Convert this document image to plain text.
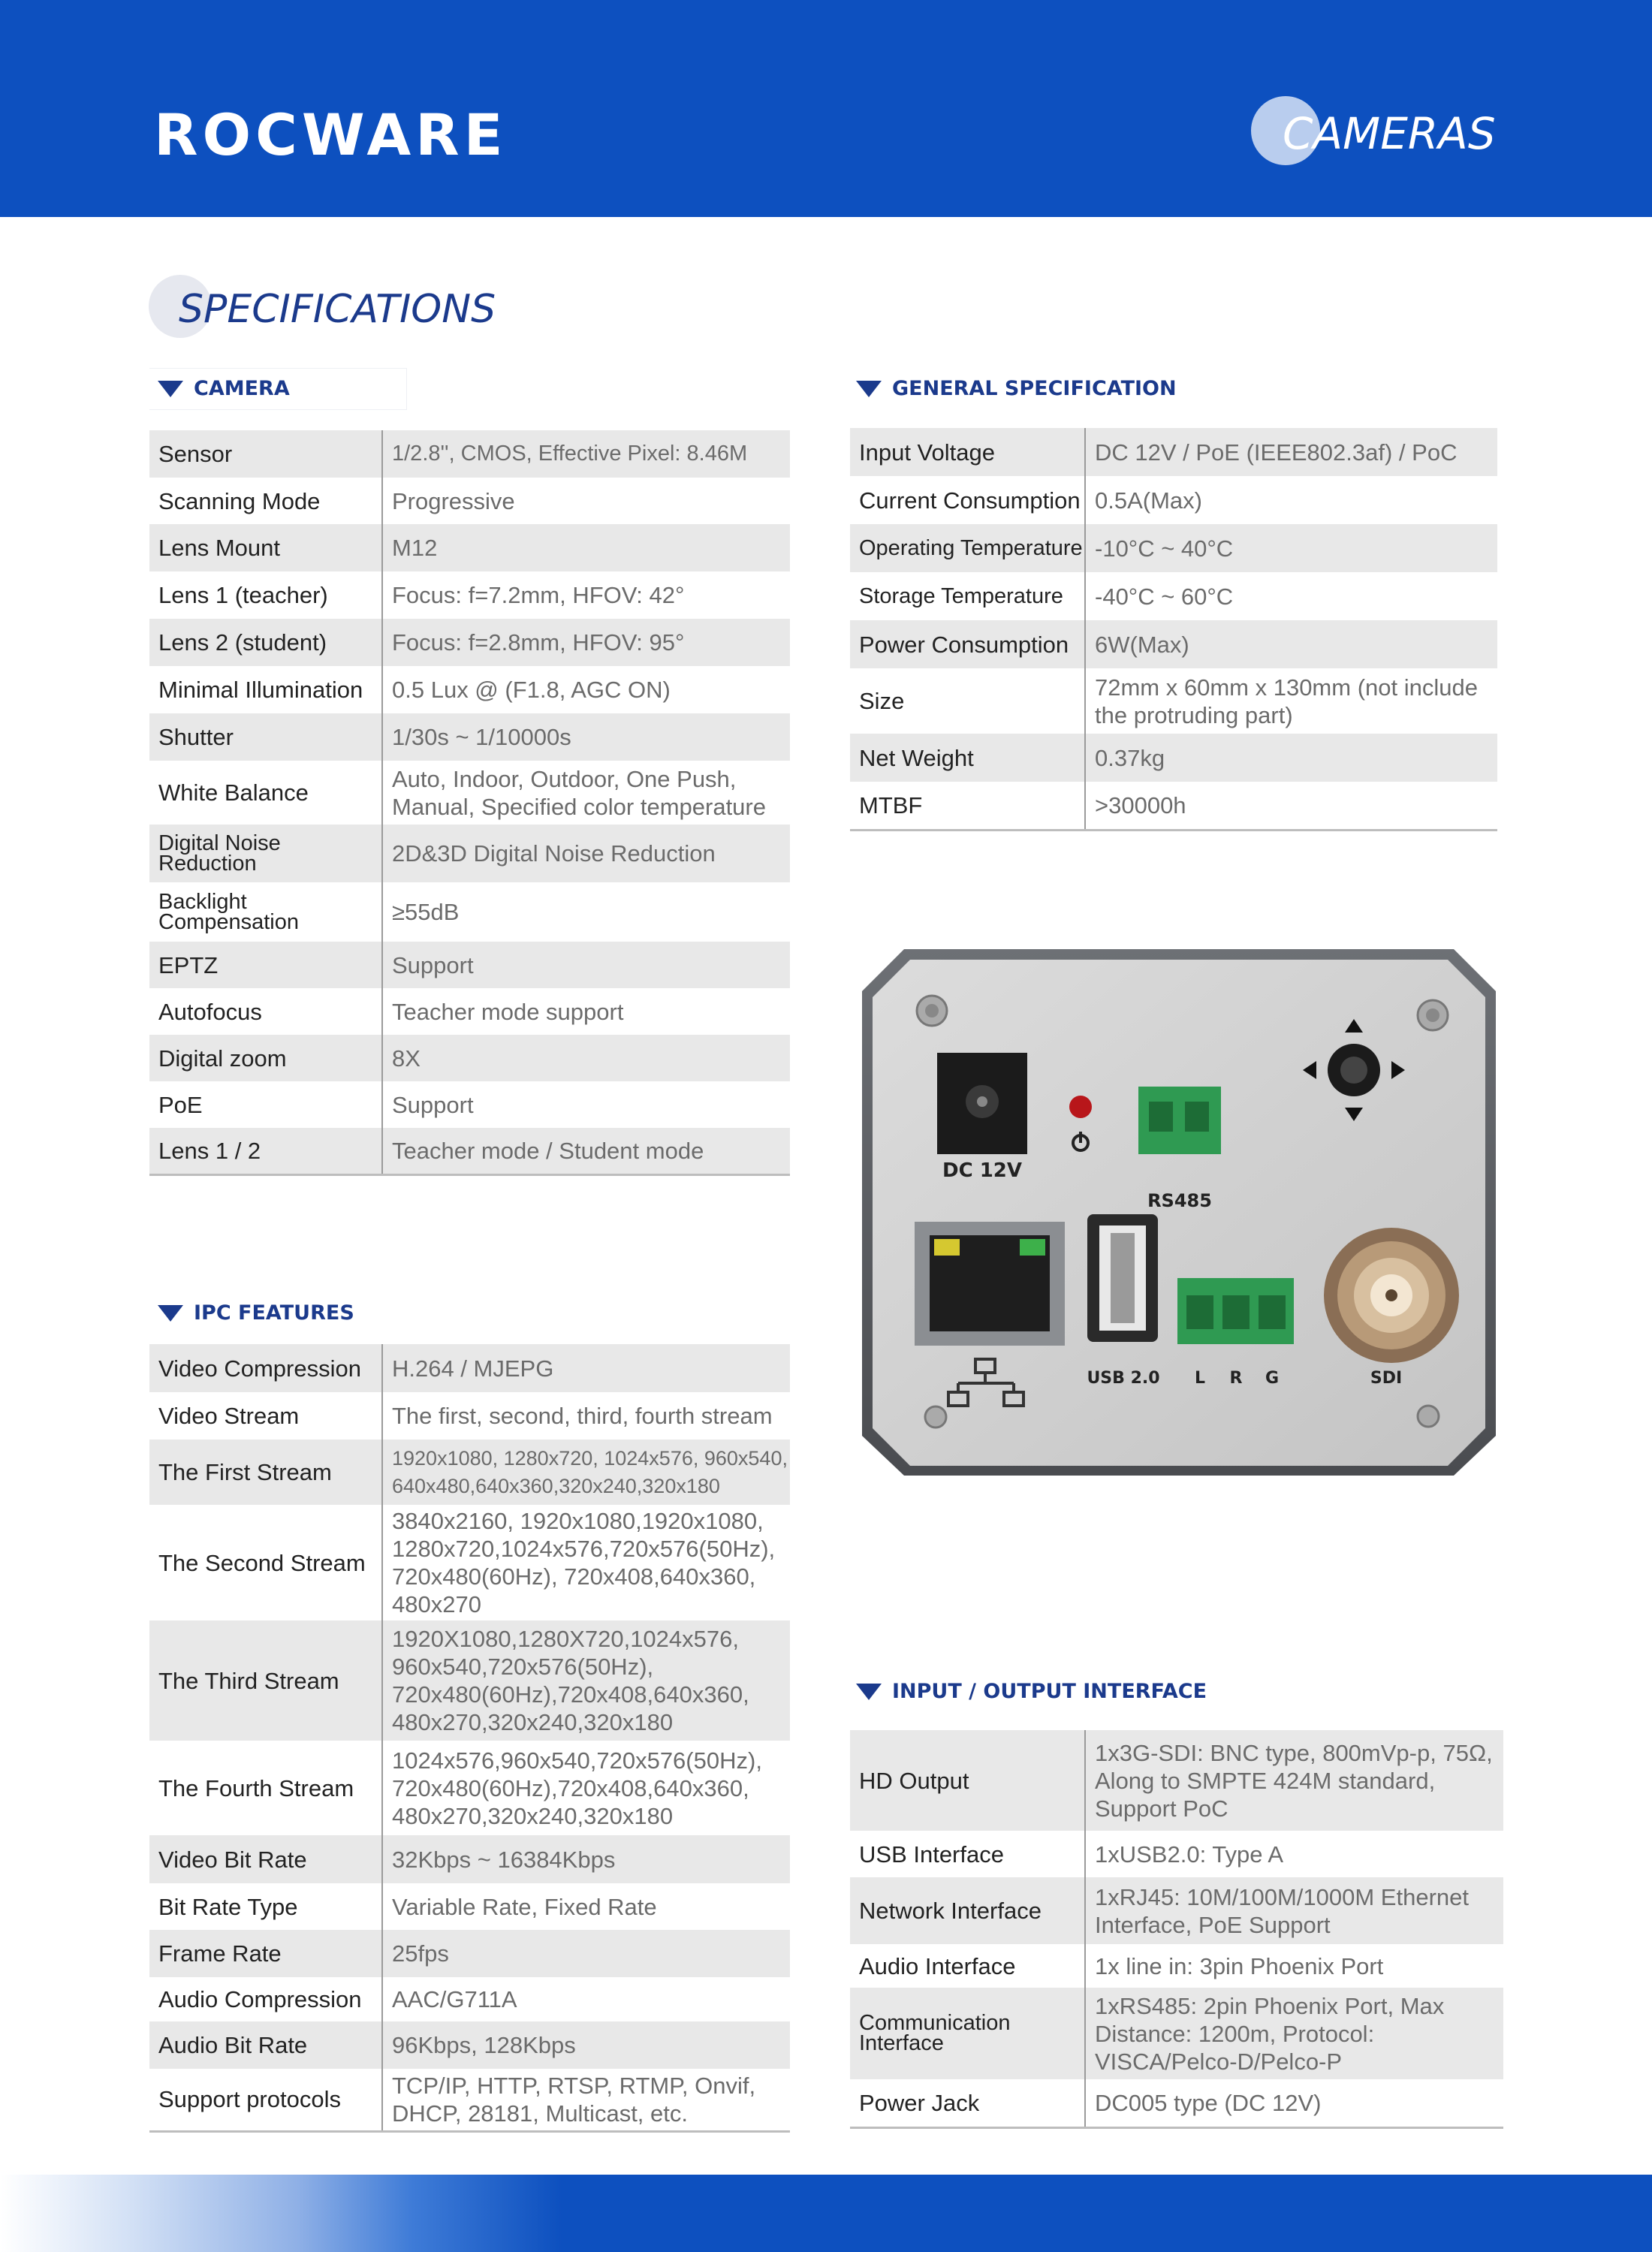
ROCWARE	CAMERAS
SPECIFICATIONS
CAMERA
Sensor	1/2.8'', CMOS, Effective Pixel: 8.46M
Scanning Mode	Progressive
Lens Mount	M12
Lens 1 (teacher)	Focus: f=7.2mm, HFOV: 42°
Lens 2 (student)	Focus: f=2.8mm, HFOV: 95°
Minimal Illumination	0.5 Lux @ (F1.8, AGC ON)
Shutter	1/30s ~ 1/10000s
White Balance	Auto, Indoor, Outdoor, One Push, Manual, Specified color temperature
Digital Noise Reduction	2D&3D Digital Noise Reduction
Backlight Compensation	≥55dB
EPTZ	Support
Autofocus	Teacher mode support
Digital zoom	8X
PoE	Support
Lens 1 / 2	Teacher mode / Student mode
GENERAL SPECIFICATION
Input Voltage	DC 12V / PoE (IEEE802.3af) / PoC
Current Consumption	0.5A(Max)
Operating Temperature	-10°C ~ 40°C
Storage Temperature	-40°C ~ 60°C
Power Consumption	6W(Max)
Size	72mm x 60mm x 130mm (not include the protruding part)
Net Weight	0.37kg
MTBF	>30000h
DC 12V
RS485
USB 2.0 L R G	SDI
IPC FEATURES
Video Compression	H.264 / MJEPG
Video Stream	The first, second, third, fourth stream
The First Stream	1920x1080, 1280x720, 1024x576, 960x540, 640x480,640x360,320x240,320x180
The Second Stream	3840x2160, 1920x1080,1920x1080, 1280x720,1024x576,720x576(50Hz), 720x480(60Hz), 720x408,640x360, 480x270
The Third Stream	1920X1080,1280X720,1024x576, 960x540,720x576(50Hz), 720x480(60Hz),720x408,640x360, 480x270,320x240,320x180
The Fourth Stream	1024x576,960x540,720x576(50Hz), 720x480(60Hz),720x408,640x360, 480x270,320x240,320x180
Video Bit Rate	32Kbps ~ 16384Kbps
Bit Rate Type	Variable Rate, Fixed Rate
Frame Rate	25fps
Audio Compression	AAC/G711A
Audio Bit Rate	96Kbps, 128Kbps
Support protocols	TCP/IP, HTTP, RTSP, RTMP, Onvif, DHCP, 28181, Multicast, etc.
INPUT / OUTPUT INTERFACE
HD Output	1x3G-SDI: BNC type, 800mVp-p, 75Ω, Along to SMPTE 424M standard, Support PoC
USB Interface	1xUSB2.0: Type A
Network Interface	1xRJ45: 10M/100M/1000M Ethernet Interface, PoE Support
Audio Interface	1x line in: 3pin Phoenix Port
Communication Interface	1xRS485: 2pin Phoenix Port, Max Distance: 1200m, Protocol: VISCA/Pelco-D/Pelco-P
Power Jack	DC005 type (DC 12V)
